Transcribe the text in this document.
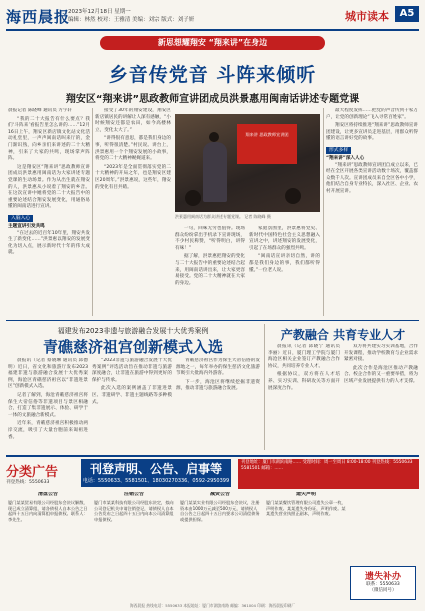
海西晨报
2023年12月18日 星期一
编辑：林然 校对：王雅清 美编：刘宗 版式：刘子妍	城市读本	A5
新思想耀翔安 “翔来讲”在身边
乡音传党音 斗阵来倾听
翔安区“翔来讲”思政教师宣讲团成员洪景惠用闽南话讲述专题党课
晨报记者 陈晓峰 通讯员 方宇轩

“我的二十大报告有什么要点？我们‘斗阵来’看报告里怎么讲的……”12月16日上午，翔安区新店镇文化站文化活动礼堂里，一声声闽南话叫来厅的，金门渐识熟，向乡亲们来讲述的二十大精神，引来了大家的共鸣，现场掌声阵阵。

这是翔安区“翔来讲”思政教师宣讲团成员洪景惠用闽南话为大家讲述专题党课的生动场景。作为从出生就在翔安的人，洪景惠从小说着了翔安的乡音。在这次宣讲中她将党的二十大报告中的重要论述结合翔安发展变化，用通俗易懂的闽南话进行宣讲。

入脑入心
主题宣讲引发共鸣

“在过去的近百年10年里，翔安共发生了新变化……”洪景惠以翔安的发展变化为切入点，展示新时代十年的伟大成就。

接受了30年的翔安建设，翔安区新店镇居民的讲解让人深有感触，“小时候翔安还都是农田，如今高楼林立，变化太大了。”

“讲得很有意思，都是我们身边的事，听得很清楚。”村民说。讲台上，洪景惠用一个个翔安发展的小故事，将党的二十大精神娓娓道来。

“2023年是全面贯彻落实党的二十大精神的开局之年，也是翔安区建区20周年。”洪景惠说，这些年，翔安的变化有目共睹。

翔来讲 思政教师宣讲团
洪景惠用闽南话为群众讲述专题党课。 记者 陈晓峰 摄

一句，回味无穷也值得。现场群众纷纷拿出手机录下宣讲现场，不少村民称赞，“听得明白，讲得有味！”

据了解，洪景惠把翔安的变化与二十大报告中的重要论述结合起来，用闽南话讲出来，让大家更容易接受。党的二十大精神就在大家的身边。

家庭氛围里，洪景惠将党史、新时代中国特色社会主义思想融入宣讲之中，讲述翔安的发展变化，引起了在场群众的强烈共鸣。

“闽南话宣讲亲切自然，讲的都是我们身边的事，我们都听得懂。”一位老人说。

最大程度发挥……把党的声音传到千家万户，让党的创新理论“飞入寻常百姓家”。

翔安区将持续推进“翔来讲”思政教师宣讲团建设，让更多宣讲员走进基层，用群众听得懂的语言讲好党的故事。

形式多样
“翔来讲”深入人心

“翔来讲”思政教师宣讲团自成立以来，已经在全区开展各类宣讲活动数十场次，覆盖群众数千人次。宣讲团成员来自全区各中小学，他们结合自身专业特长，深入社区、企业、农村开展宣讲。

福建发布2023非遗与旅游融合发展十大优秀案例
青礁慈济祖宫创新模式入选

晨报讯（记者 蔡晓琳 通讯员 邱德明）近日，省文化和旅游厅发布2023福建非遗与旅游融合发展十大优秀案例，海沧区青礁慈济祖宫以“非遗进景区”创新模式入选。

记者了解到，海沧青礁慈济祖宫将保生大帝信俗等非遗项目与景区相融合，打造了集非遗展示、体验、研学于一体的文旅融合新模式。

近年来，青礁慈济祖宫积极推动两岸交流，吸引了大量台胞前来谒祖进香。

“2023非遗与旅游融合发展十大优秀案例”评选活动旨在推动非遗与旅游深度融合，让非遗在旅游中得到更好的保护与传承。

此次入选的案例涵盖了非遗进景区、非遗研学、非遗主题线路等多种模式。

青礁慈济祖宫作为保生大帝信俗的发源地之一，每年举办的保生慈济文化旅游节吸引大批海内外游客。

下一步，海沧区将继续挖掘非遗资源，推动非遗与旅游融合发展。

产教融合 共育专业人才

晨报讯（记者 邱晓宁 通讯员 李丽）近日，厦门理工学院与厦门海沧区相关企业签订产教融合合作协议，共同培养专业人才。

根据协议，双方将在人才培养、实习实训、科研攻关等方面开展深度合作。

双方将共建实习实训基地，合作开发课程，推动学校教育与企业需求紧密对接。

此次合作是海沧区推动产教融合、校企合作的又一重要举措，将为区域产业发展提供有力的人才支撑。

分类广告
刊登热线：5550633
刊登声明、公告、启事等
电话：5550633、5581501、18030270336、0592-2950399
刊登地址：厦门市湖滨南路…… 受理时间：周一至周日 8:00-18:00 刊登热线：5550633 5581501 邮箱：……
清盘公告
厦门某某贸易有限公司经股东会决议解散，现已成立清算组，请各债权人自本公告之日起四十五日内向清算组申报债权。联系人：李先生。
注销公告
厦门市某某科技有限公司经股东决定，拟向公司登记机关申请注销登记，请债权人自本公告发布之日起四十五日内向本公司清算组申报债权。
减资公告
厦门某某实业有限公司经股东会决议，注册资本由1000万元减至500万元，请债权人自公告之日起四十五日内要求公司清偿债务或提供担保。
遗失声明
厦门某某餐饮管理有限公司遗失公章一枚，声明作废。某某遗失身份证，声明作废。某某遗失营业执照正副本，声明作废。
遗失补办
联系：5550633
（微信同号）
海西晨报 热线电话：5550633 本报地址：厦门市湖滨南路 邮编：361004 印刷：海西晨报印刷厂
